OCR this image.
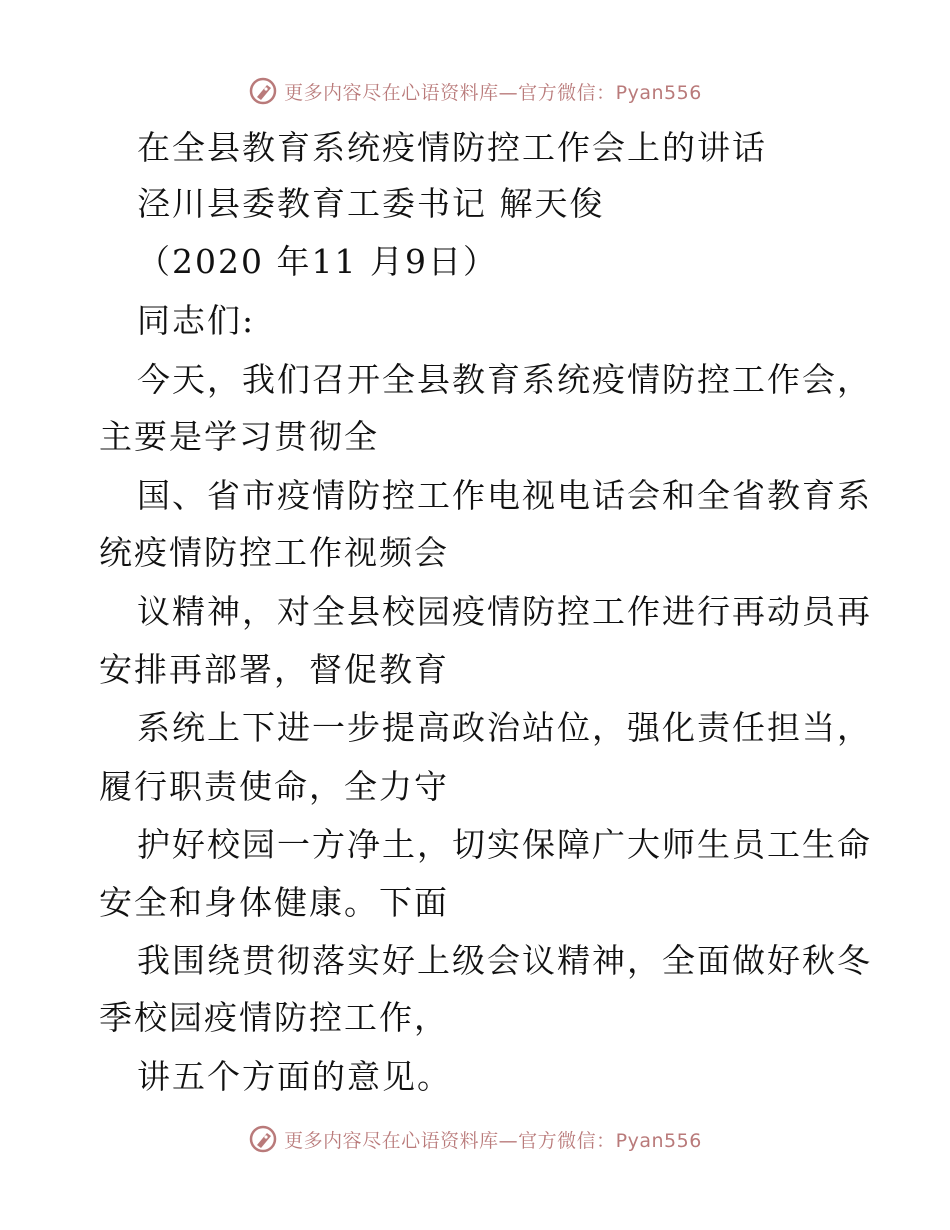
更多内容尽在心语资料库—官方微信：Pyan556
在全县教育系统疫情防控工作会上的讲话
泾川县委教育工委书记 解天俊
（2020 年11 月9日）
同志们:
今天，我们召开全县教育系统疫情防控工作会，
主要是学习贯彻全
国、省市疫情防控工作电视电话会和全省教育系
统疫情防控工作视频会
议精神，对全县校园疫情防控工作进行再动员再
安排再部署，督促教育
系统上下进一步提高政治站位，强化责任担当，
履行职责使命，全力守
护好校园一方净土，切实保障广大师生员工生命
安全和身体健康。下面
我围绕贯彻落实好上级会议精神，全面做好秋冬
季校园疫情防控工作，
讲五个方面的意见。
更多内容尽在心语资料库—官方微信：Pyan556
